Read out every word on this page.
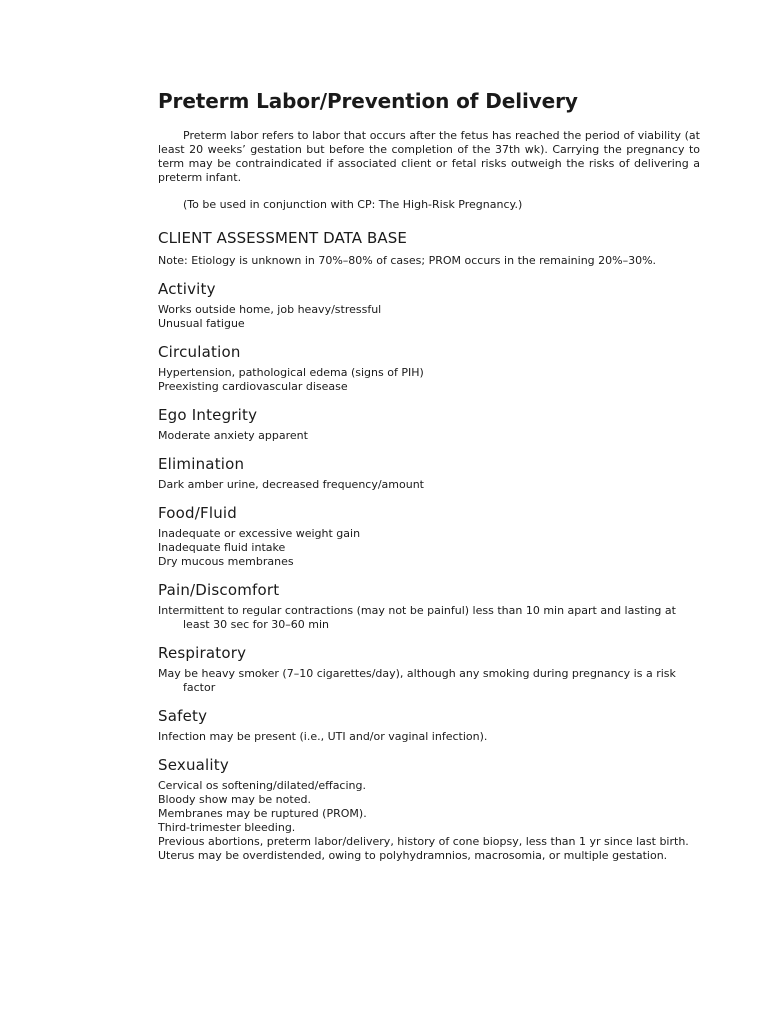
Preterm Labor/Prevention of Delivery

Preterm labor refers to labor that occurs after the fetus has reached the period of viability (at least 20 weeks’ gestation but before the completion of the 37th wk). Carrying the pregnancy to term may be contraindicated if associated client or fetal risks outweigh the risks of delivering a preterm infant.

(To be used in conjunction with CP: The High-Risk Pregnancy.)

CLIENT ASSESSMENT DATA BASE

Note: Etiology is unknown in 70%–80% of cases; PROM occurs in the remaining 20%–30%.

Activity
Works outside home, job heavy/stressful
Unusual fatigue
Circulation
Hypertension, pathological edema (signs of PIH)
Preexisting cardiovascular disease
Ego Integrity
Moderate anxiety apparent
Elimination
Dark amber urine, decreased frequency/amount
Food/Fluid
Inadequate or excessive weight gain
Inadequate fluid intake
Dry mucous membranes
Pain/Discomfort
Intermittent to regular contractions (may not be painful) less than 10 min apart and lasting at least 30 sec for 30–60 min
Respiratory
May be heavy smoker (7–10 cigarettes/day), although any smoking during pregnancy is a risk factor
Safety
Infection may be present (i.e., UTI and/or vaginal infection).
Sexuality
Cervical os softening/dilated/effacing.
Bloody show may be noted.
Membranes may be ruptured (PROM).
Third-trimester bleeding.
Previous abortions, preterm labor/delivery, history of cone biopsy, less than 1 yr since last birth.
Uterus may be overdistended, owing to polyhydramnios, macrosomia, or multiple gestation.
